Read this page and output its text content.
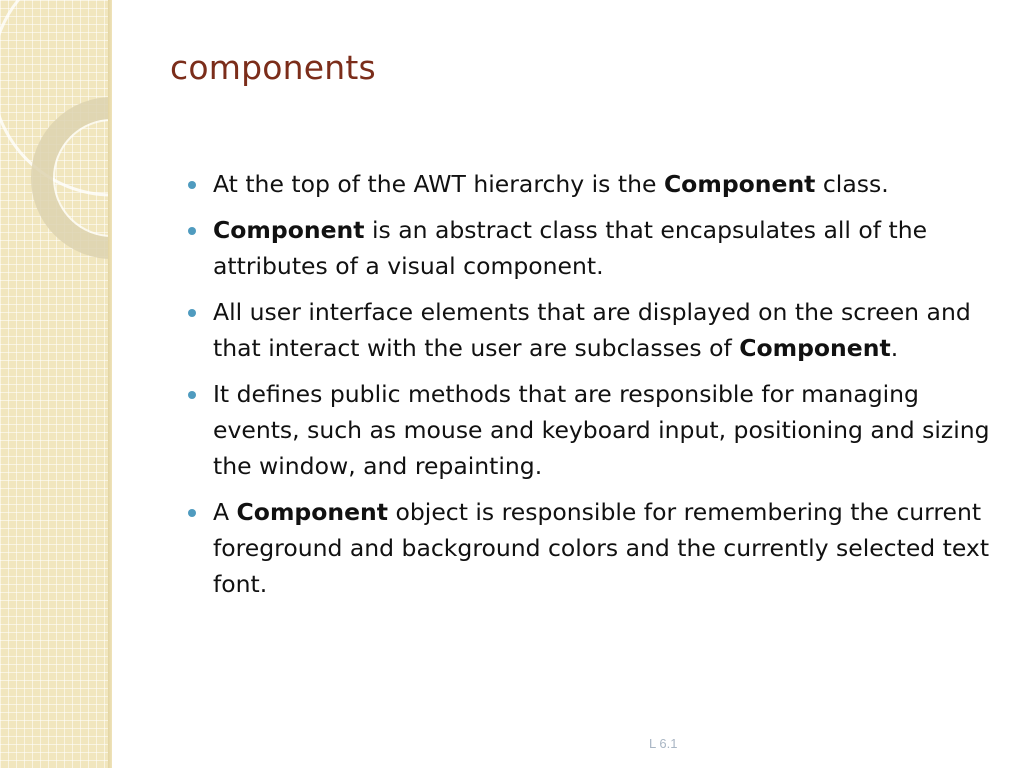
components
At the top of the AWT hierarchy is the Component class.
Component is an abstract class that encapsulates all of the attributes of a visual component.
All user interface elements that are displayed on the screen and that interact with the user are subclasses of Component.
It defines public methods that are responsible for managing events, such as mouse and keyboard input, positioning and sizing the window, and repainting.
A Component object is responsible for remembering the current foreground and background colors and the currently selected text font.
L 6.1
